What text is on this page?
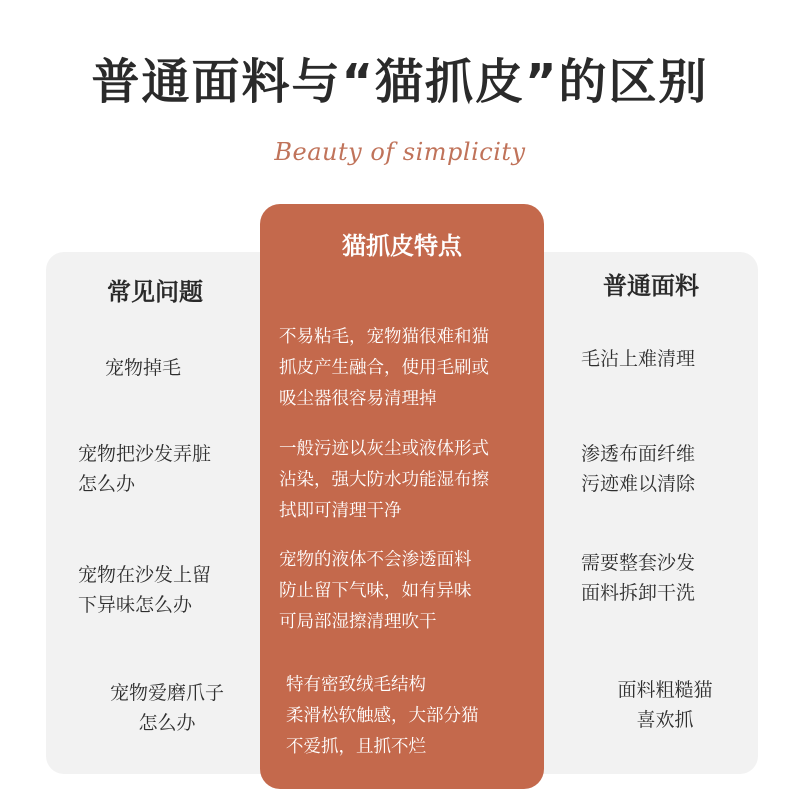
普通面料与“猫抓皮”的区别
Beauty of simplicity
常见问题
猫抓皮特点
普通面料
宠物掉毛
不易粘毛，宠物猫很难和猫
抓皮产生融合，使用毛刷或
吸尘器很容易清理掉
毛沾上难清理
宠物把沙发弄脏
怎么办
一般污迹以灰尘或液体形式
沾染，强大防水功能湿布擦
拭即可清理干净
渗透布面纤维
污迹难以清除
宠物在沙发上留
下异味怎么办
宠物的液体不会渗透面料
防止留下气味，如有异味
可局部湿擦清理吹干
需要整套沙发
面料拆卸干洗
宠物爱磨爪子
怎么办
特有密致绒毛结构
柔滑松软触感，大部分猫
不爱抓，且抓不烂
面料粗糙猫
喜欢抓
